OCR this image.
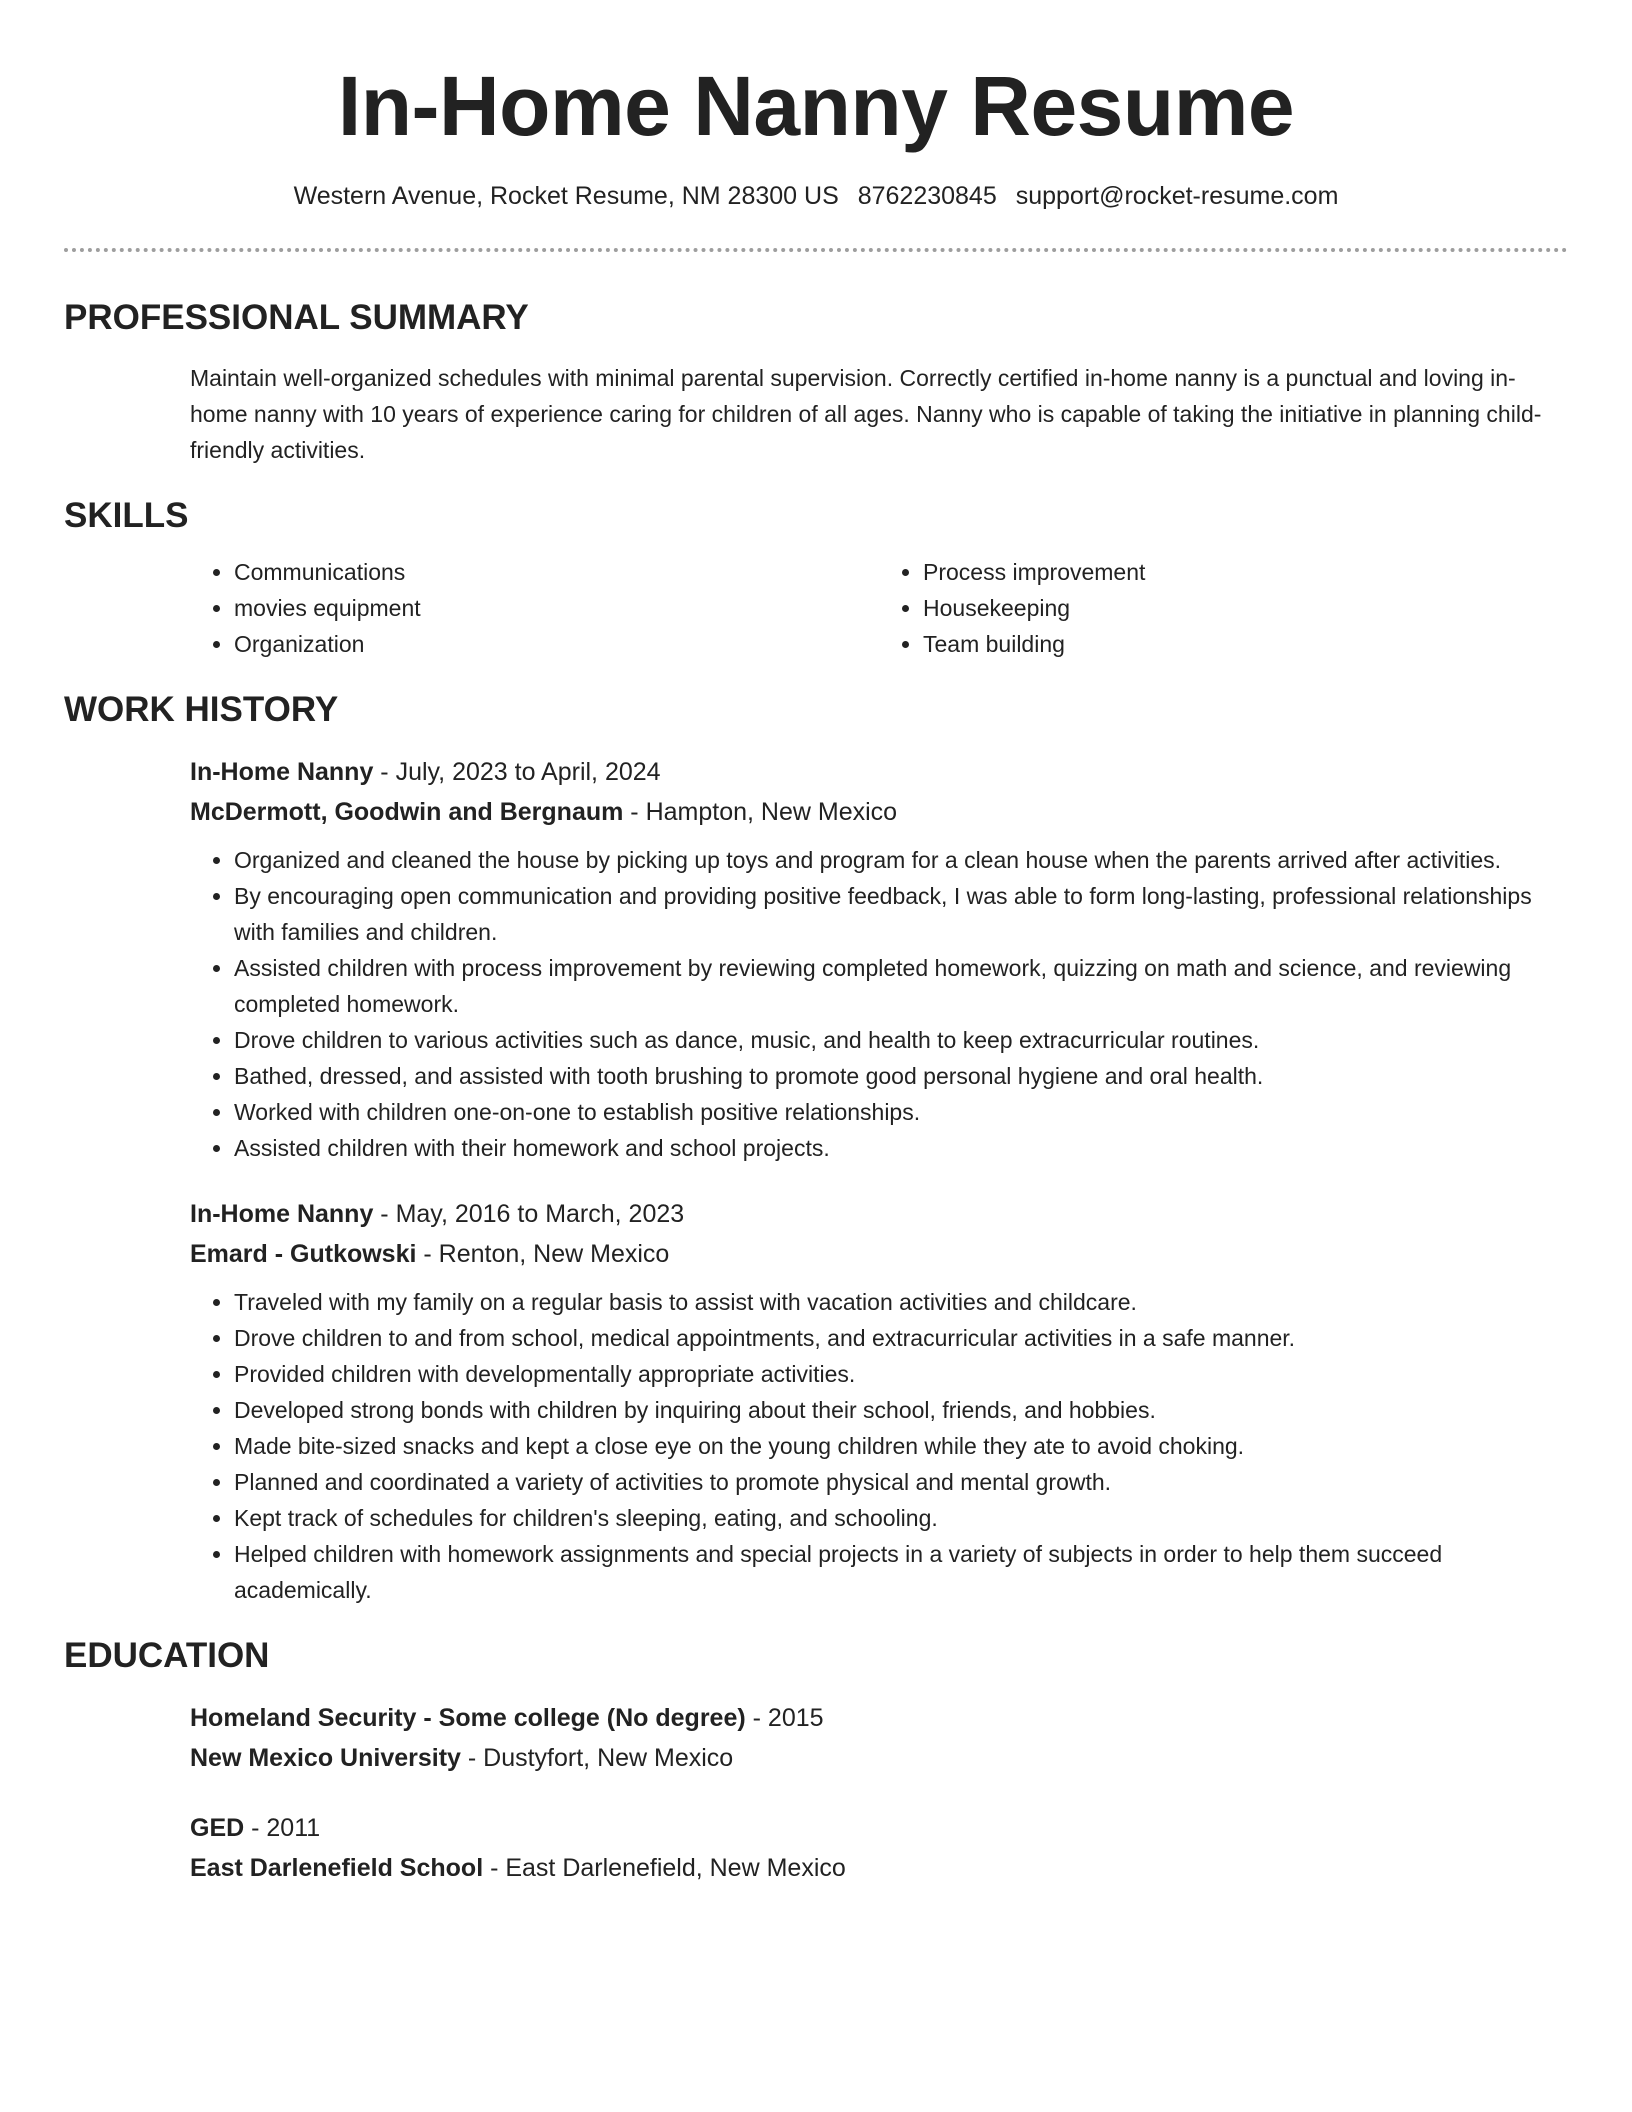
In-Home Nanny Resume
Western Avenue, Rocket Resume, NM 28300 US 8762230845 support@rocket-resume.com
PROFESSIONAL SUMMARY
Maintain well-organized schedules with minimal parental supervision. Correctly certified in-home nanny is a punctual and loving in-home nanny with 10 years of experience caring for children of all ages. Nanny who is capable of taking the initiative in planning child-friendly activities.
SKILLS
• Communications
• movies equipment
• Organization
• Process improvement
• Housekeeping
• Team building
WORK HISTORY
In-Home Nanny - July, 2023 to April, 2024
McDermott, Goodwin and Bergnaum - Hampton, New Mexico
• Organized and cleaned the house by picking up toys and program for a clean house when the parents arrived after activities.
• By encouraging open communication and providing positive feedback, I was able to form long-lasting, professional relationships with families and children.
• Assisted children with process improvement by reviewing completed homework, quizzing on math and science, and reviewing completed homework.
• Drove children to various activities such as dance, music, and health to keep extracurricular routines.
• Bathed, dressed, and assisted with tooth brushing to promote good personal hygiene and oral health.
• Worked with children one-on-one to establish positive relationships.
• Assisted children with their homework and school projects.
In-Home Nanny - May, 2016 to March, 2023
Emard - Gutkowski - Renton, New Mexico
• Traveled with my family on a regular basis to assist with vacation activities and childcare.
• Drove children to and from school, medical appointments, and extracurricular activities in a safe manner.
• Provided children with developmentally appropriate activities.
• Developed strong bonds with children by inquiring about their school, friends, and hobbies.
• Made bite-sized snacks and kept a close eye on the young children while they ate to avoid choking.
• Planned and coordinated a variety of activities to promote physical and mental growth.
• Kept track of schedules for children's sleeping, eating, and schooling.
• Helped children with homework assignments and special projects in a variety of subjects in order to help them succeed academically.
EDUCATION
Homeland Security - Some college (No degree) - 2015
New Mexico University - Dustyfort, New Mexico
GED - 2011
East Darlenefield School - East Darlenefield, New Mexico
